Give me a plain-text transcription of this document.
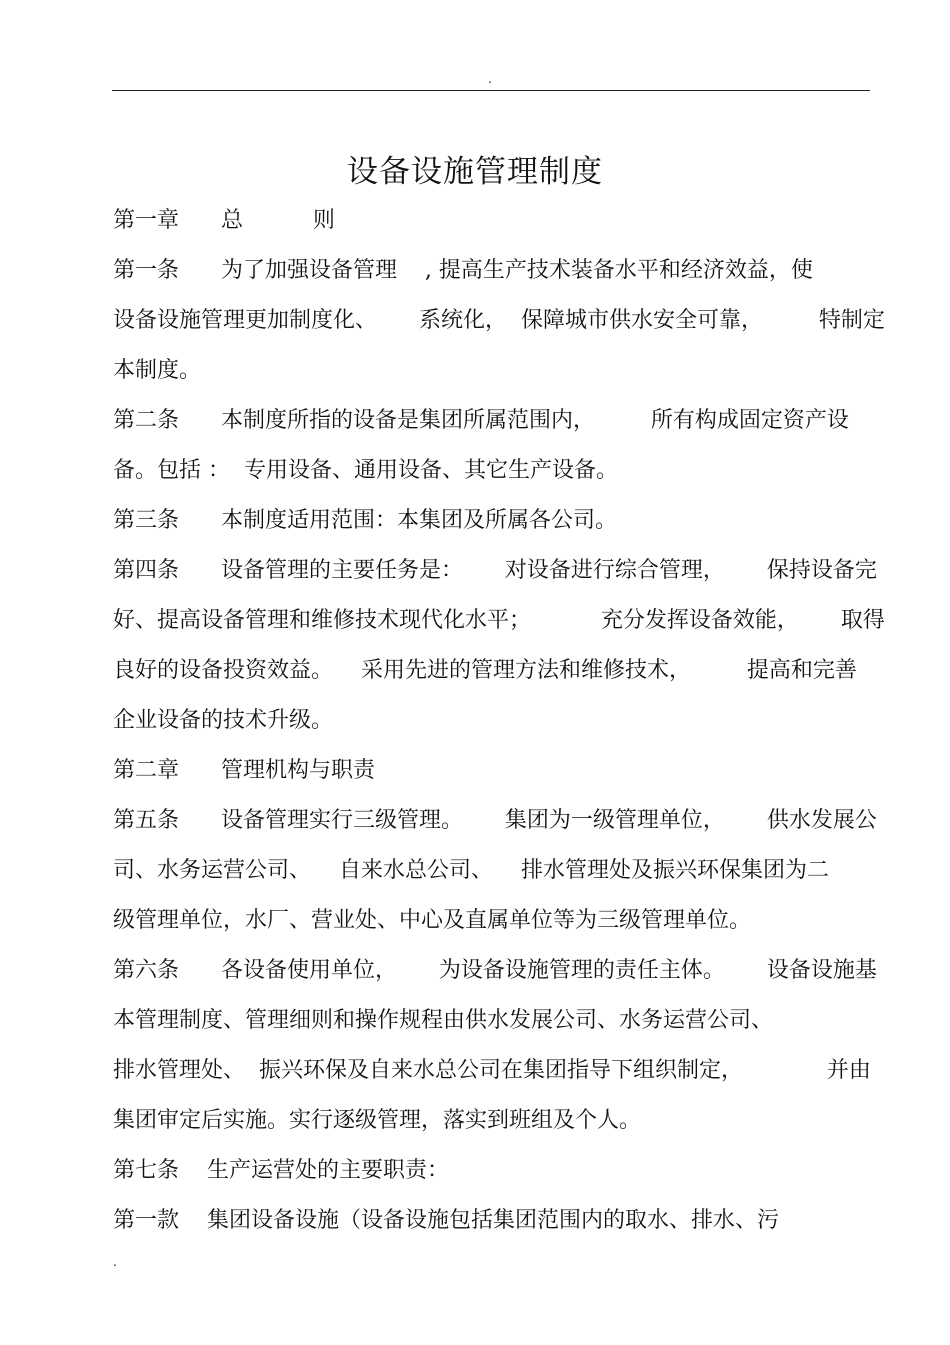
.
设备设施管理制度
第一章      总          则
第一条      为了加强设备管理    , 提高生产技术装备水平和经济效益，使
设备设施管理更加制度化、      系统化，  保障城市供水安全可靠，        特制定
本制度。
第二条      本制度所指的设备是集团所属范围内，        所有构成固定资产设
备。包括 ：  专用设备、通用设备、其它生产设备。
第三条      本制度适用范围：本集团及所属各公司。
第四条      设备管理的主要任务是：      对设备进行综合管理，      保持设备完
好、提高设备管理和维修技术现代化水平；          充分发挥设备效能，      取得
良好的设备投资效益。    采用先进的管理方法和维修技术，        提高和完善
企业设备的技术升级。
第二章      管理机构与职责
第五条      设备管理实行三级管理。      集团为一级管理单位，      供水发展公
司、水务运营公司、    自来水总公司、    排水管理处及振兴环保集团为二
级管理单位，水厂、营业处、中心及直属单位等为三级管理单位。
第六条      各设备使用单位，      为设备设施管理的责任主体。      设备设施基
本管理制度、管理细则和操作规程由供水发展公司、水务运营公司、
排水管理处、  振兴环保及自来水总公司在集团指导下组织制定，            并由
集团审定后实施。实行逐级管理，落实到班组及个人。
第七条    生产运营处的主要职责：
第一款    集团设备设施（设备设施包括集团范围内的取水、排水、污
.
